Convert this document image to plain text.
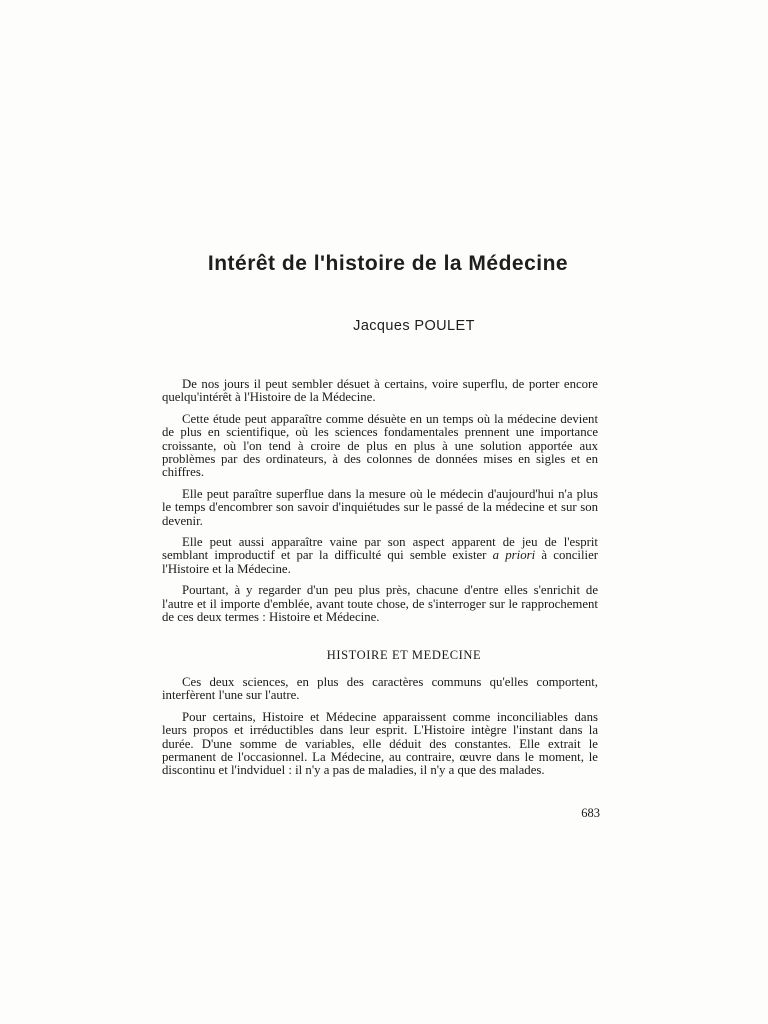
Intérêt de l'histoire de la Médecine
Jacques POULET

De nos jours il peut sembler désuet à certains, voire superflu, de porter encore quelqu'intérêt à l'Histoire de la Médecine.

Cette étude peut apparaître comme désuète en un temps où la médecine devient de plus en scientifique, où les sciences fondamentales prennent une importance croissante, où l'on tend à croire de plus en plus à une solution apportée aux problèmes par des ordinateurs, à des colonnes de données mises en sigles et en chiffres.

Elle peut paraître superflue dans la mesure où le médecin d'aujourd'hui n'a plus le temps d'encombrer son savoir d'inquiétudes sur le passé de la médecine et sur son devenir.

Elle peut aussi apparaître vaine par son aspect apparent de jeu de l'esprit semblant improductif et par la difficulté qui semble exister a priori à concilier l'Histoire et la Médecine.

Pourtant, à y regarder d'un peu plus près, chacune d'entre elles s'enrichit de l'autre et il importe d'emblée, avant toute chose, de s'interroger sur le rapprochement de ces deux termes : Histoire et Médecine.

HISTOIRE ET MEDECINE

Ces deux sciences, en plus des caractères communs qu'elles comportent, interfèrent l'une sur l'autre.

Pour certains, Histoire et Médecine apparaissent comme inconciliables dans leurs propos et irréductibles dans leur esprit. L'Histoire intègre l'instant dans la durée. D'une somme de variables, elle déduit des constantes. Elle extrait le permanent de l'occasionnel. La Médecine, au contraire, œuvre dans le moment, le discontinu et l'indviduel : il n'y a pas de maladies, il n'y a que des malades.

683
